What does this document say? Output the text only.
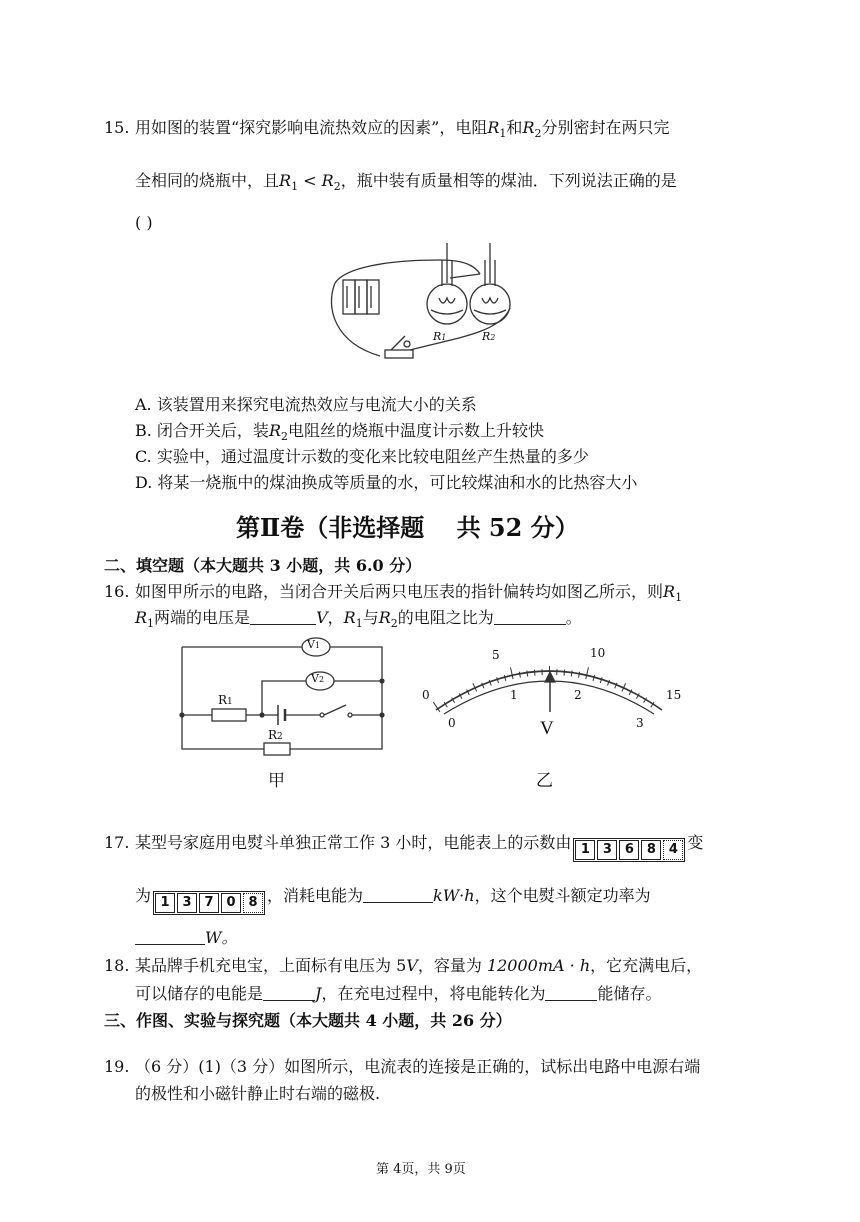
15. 用如图的装置“探究影响电流热效应的因素”，电阻$R_1$和$R_2$分别密封在两只完
全相同的烧瓶中，且$R_1 < R_2$，瓶中装有质量相等的煤油．下列说法正确的是
( )
R1	R2
A. 该装置用来探究电流热效应与电流大小的关系
B. 闭合开关后，装$R_2$电阻丝的烧瓶中温度计示数上升较快
C. 实验中，通过温度计示数的变化来比较电阻丝产生热量的多少
D. 将某一烧瓶中的煤油换成等质量的水，可比较煤油和水的比热容大小
第Ⅱ卷（非选择题　 共 52 分）
二、填空题（本大题共 3 小题，共 6.0 分）
16. 如图甲所示的电路，当闭合开关后两只电压表的指针偏转均如图乙所示，则$R_1$
$R_1$两端的电压是	V，$R_1$与$R_2$的电阻之比为	。
V1
V2
R1
R2
甲
0
5	10
15
0
1	2
3
V
乙
17. 某型号家庭用电熨斗单独正常工作 3 小时，电能表上的示数由 1 3 6 8 4 变
为 1 3 7 0 8 ，消耗电能为	kW·h，这个电熨斗额定功率为
W。
18. 某品牌手机充电宝，上面标有电压为 5V，容量为 12000mA · h，它充满电后，
可以储存的电能是	J，在充电过程中，将电能转化为	能储存。
三、作图、实验与探究题（本大题共 4 小题，共 26 分）
19. （6 分）(1)（3 分）如图所示，电流表的连接是正确的，试标出电路中电源右端
的极性和小磁针静止时右端的磁极.
第 4页，共 9页
